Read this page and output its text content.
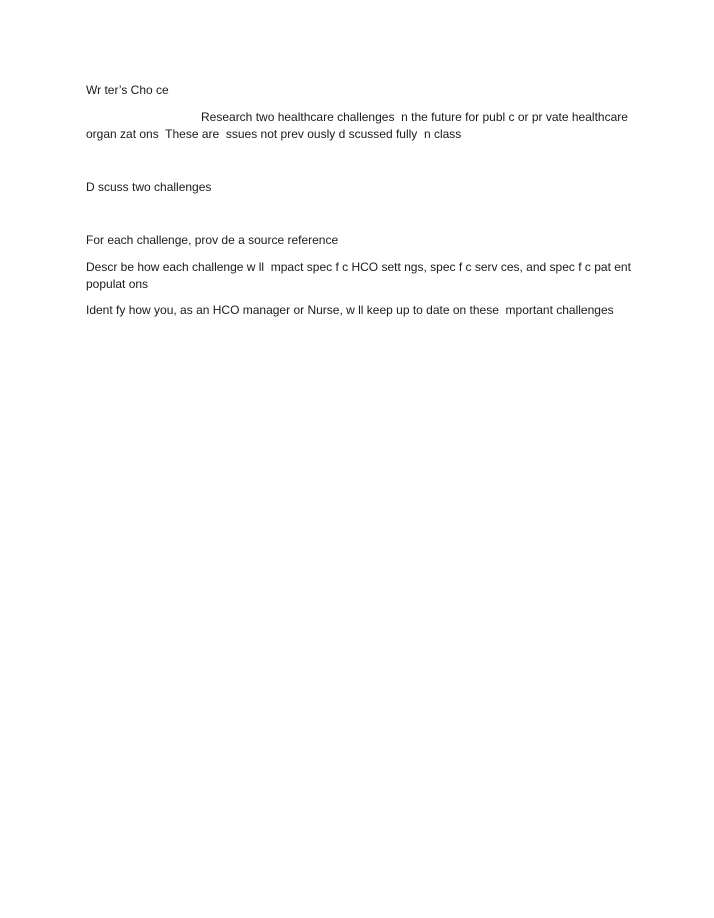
Wr ter’s Cho ce

Research two healthcare challenges  n the future for publ c or pr vate healthcare organ zat ons  These are  ssues not prev ously d scussed fully  n class

D scuss two challenges

For each challenge, prov de a source reference

Descr be how each challenge w ll  mpact spec f c HCO sett ngs, spec f c serv ces, and spec f c pat ent populat ons

Ident fy how you, as an HCO manager or Nurse, w ll keep up to date on these  mportant challenges
